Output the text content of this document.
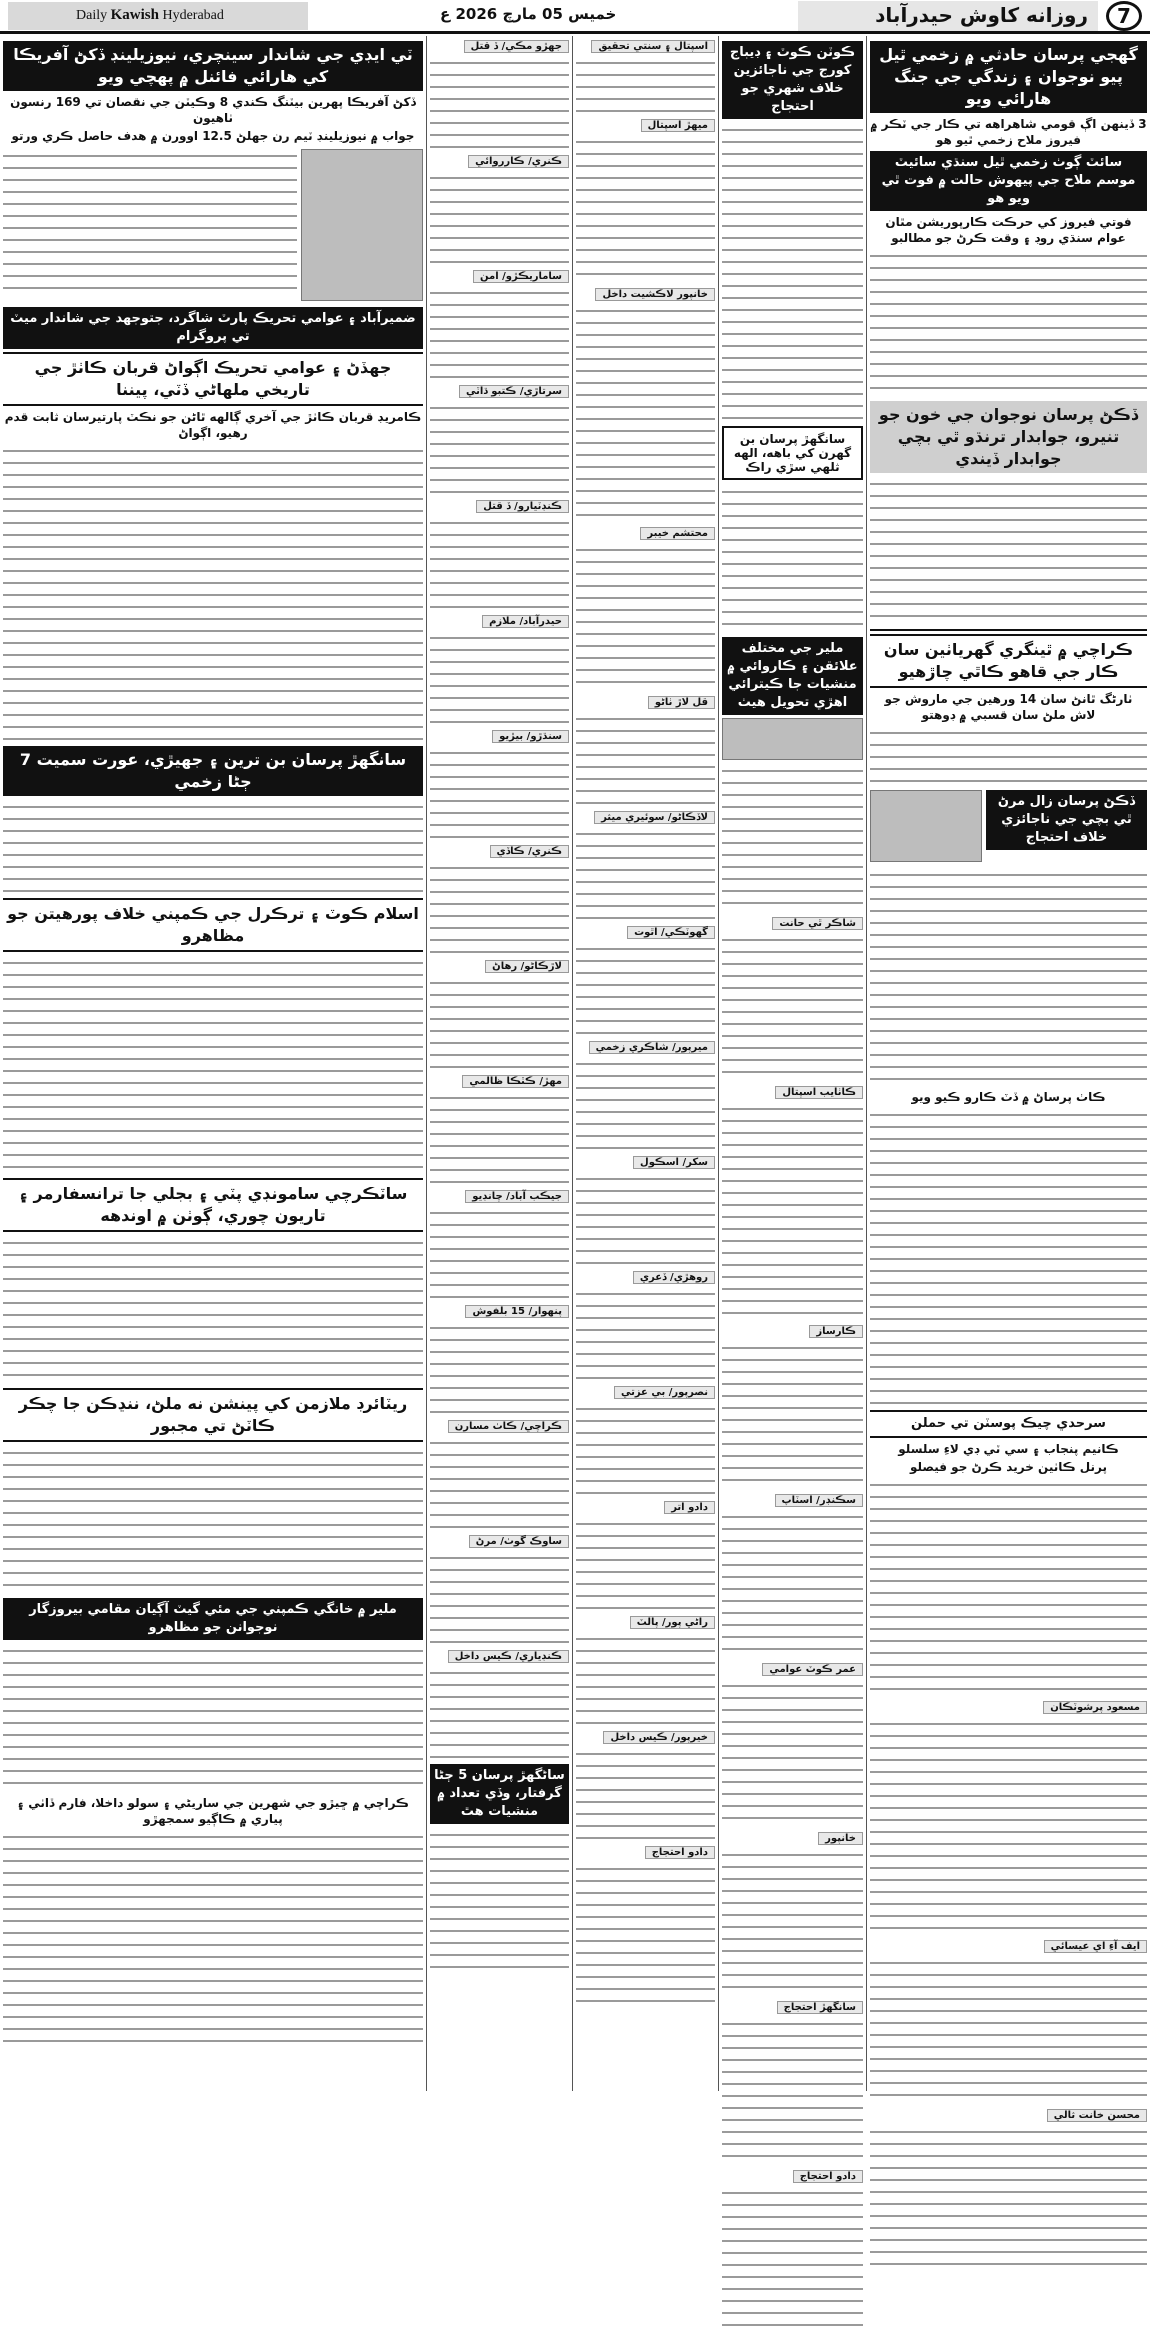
Daily Kawish Hyderabad	خميس 05 مارچ 2026 ع	روزانه كاوش حيدرآباد	7
گهجي پرسان حادثي ۾ زخمي ٿيل پيو نوجوان ۽ زندگي جي جنگ هارائي ويو
3 ڏينهن اڳ قومي شاهراهه تي ڪار جي ٽڪر ۾ فيروز ملاح زخمي ٿيو هو
سائٽ ڳوٺ زخمي ٿيل سنڌي سائيٽ موسم ملاح جي پيهوش حالت ۾ فوت ٿي ويو هو
فوتي فيروز کي حرڪت ڪارپوريشن مٿان عوام سنڌي روڊ ۽ وقت ڪرڻ جو مطالبو
ڏڪڻ پرسان نوجوان جي خون جو تنيرو، جوابدار ترنڌو ٿي بچي جوابدار ڏيندي
ڪراچي ۾ ٿينگري گهرياٺين سان ڪار جي قاهو ڪاٿي چاڙهيو
ٺارڻگ ٿانڻ سان 14 ورهين جي ماروش جو لاش ملڻ سان قسبي ۾ ڊوهتو
ڏڪڻ پرسان زال مرڻ ٿي بچي جي ناجائزي خلاف احتجاج
ڪاٺ پرساڻ ۾ ڏٽ ڪارو ڪيو ويو
سرحدي چيڪ پوسٽن تي حملن
ڪانيم پنجاب ۽ سي ٽي ڊي لاءِ سلسلو
پرنل ڪاٺين خريد ڪرڻ جو فيصلو
مسعود پرشوٽڪان
ايف آءِ اي عيسائي
محسن خانت ثالي
ڪوٽن ڪوٽ ۽ ڊيباج کورج جي ناجائزين خلاف شهري جو احتجاج
سانگهڙ پرسان بن گهرن کي باهه، الهه ثلهي سڙي راڪ
ملير جي مختلف علائقن ۽ ڪاروائي ۾ منشيات جا ڪيترائي اهڙي تحويل هيٺ
شاڪر ٿي حانت
ڪاٺايب اسپتال
ڪارساز
سڪنڊر/ اسٽاپ
عمر ڪوٽ عوامي
خانپور
سانگهڙ احتجاج
دادو احتجاج
اسپتال ۽ سنتي تحقيق
ميهڙ اسپتال
خانپور لاڪشيت داخل
محتشم خيبر
قل لاڙ ٺاڻو
لاڏڪاڻو/ سوئيري ميثر
گهوٽڪي/ اٿوت
ميرپور/ شاڪري زخمي
سکر/ اسڪول
روهڙي/ ڏعري
نصرپور/ بي عزتي
دادو اتر
راڻي پور/ پالٽ
خيرپور/ ڪيس داخل
دادو احتجاج
جهڙو مڪي/ ڏ قتل
ڪنري/ ڪارروائي
ساماريڪڙو/ امن
سرتاڙي/ ڪتبو ڌاٽي
ڪنڊٽيارو/ ڏ قتل
حيدرآباد/ ملازم
سنڌڙو/ بيڙيو
ڪنري/ ڪاڏي
لاڙڪاڻو/ رهاڻ
مهڙ/ ڪٽڪا ظالمي
جيڪب آباد/ چانڊيو
پنهوار/ 15 بلفوش
ڪراچي/ ڪاٺ مسارن
ساوڪ گوٺ/ مرڻ
ڪنڊياري/ ڪيس داخل
ساڻگهڙ پرسان 5 ڄڻا گرفتار، وڏي تعداد ۾ منشيات هٿ
ٽي ايڊي جي شاندار سينچري، نيوزيلينڊ ڏکڻ آفريڪا کي هارائي فائنل ۾ پهچي ويو
ڏکڻ آفريڪا پهرين بيٽنگ ڪندي 8 وڪيٽن جي نقصان تي 169 رنسون ٺاهيون
جواب ۾ نيوزيلينڊ ٽيم رن جهلڻ 12.5 اوورن ۾ هدف حاصل ڪري ورتو
ضميرآباد ۽ عوامي تحريڪ پارٽ شاگرد، جتوجهد جي شاندار ميٽ تي پروگرام
جهڏڻ ۽ عوامي تحريڪ اڳواڻ قربان ڪاٺڙ جي تاريخي ملهاڻي ڏٽي، پيننا
ڪامريڊ قربان ڪاٺڙ جي آخري ڳالهه ٿاڻن جو نڪٽ پارتيرسان ثابت قدم رهيو، اڳواڻ
سانگهڙ پرسان بن ترين ۽ جهيڙي، عورت سميت 7 ڄڻا زخمي
اسلام ڪوٽ ۽ ترڪرل جي ڪمپني خلاف پورهيتن جو مظاهرو
ساٽڪرچي سامونڊي پٽي ۽ بجلي جا ترانسفارمر ۽ تاريون چوري، ڳوٺن ۾ اوندهه
ريٽائرڊ ملازمن کي پينشن نه ملڻ، ننڍڪن جا چڪر ڪاٽڻ تي مجبور
ملير ۾ خانگي ڪمپني جي مئي گيٽ آڳيان مقامي بيروزگار نوجوانن جو مظاهرو
ڪراچي ۾ ڇيڙو جي شهرين جي ساريڻي ۽ سولو داخلا، فارم ڏاٺي ۽ پياري ۾ ڪاڳيو سمجهڙو
